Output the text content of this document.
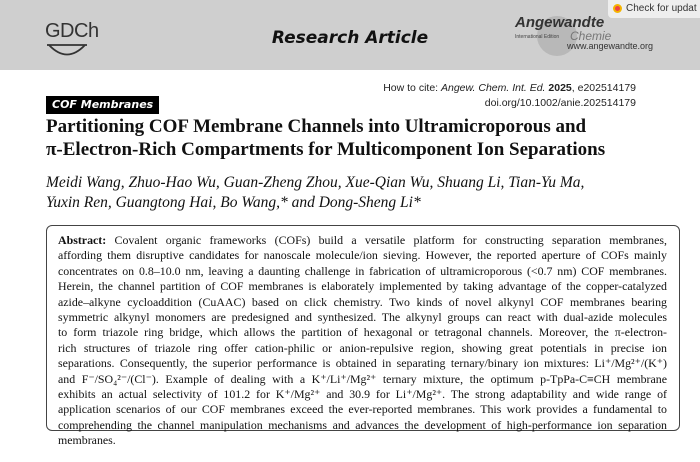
GDCh	Research Article
Angewandte
International Edition Chemie
www.angewandte.org
Check for updat
How to cite: Angew. Chem. Int. Ed. 2025, e202514179
doi.org/10.1002/anie.202514179
COF Membranes
Partitioning COF Membrane Channels into Ultramicroporous and
π-Electron-Rich Compartments for Multicomponent Ion Separations
Meidi Wang, Zhuo-Hao Wu, Guan-Zheng Zhou, Xue-Qian Wu, Shuang Li, Tian-Yu Ma,
Yuxin Ren, Guangtong Hai, Bo Wang,* and Dong-Sheng Li*
Abstract: Covalent organic frameworks (COFs) build a versatile platform for constructing separation membranes,
affording them disruptive candidates for nanoscale molecule/ion sieving. However, the reported aperture of COFs mainly
concentrates on 0.8–10.0 nm, leaving a daunting challenge in fabrication of ultramicroporous (<0.7 nm) COF membranes.
Herein, the channel partition of COF membranes is elaborately implemented by taking advantage of the copper-catalyzed
azide–alkyne cycloaddition (CuAAC) based on click chemistry. Two kinds of novel alkynyl COF membranes bearing
symmetric alkynyl monomers are predesigned and synthesized. The alkynyl groups can react with dual-azide molecules
to form triazole ring bridge, which allows the partition of hexagonal or tetragonal channels. Moreover, the π-electron-
rich structures of triazole ring offer cation-philic or anion-repulsive region, showing great potentials in precise ion
separations. Consequently, the superior performance is obtained in separating ternary/binary ion mixtures: Li⁺/Mg²⁺/(K⁺)
and F⁻/SO₄²⁻/(Cl⁻). Example of dealing with a K⁺/Li⁺/Mg²⁺ ternary mixture, the optimum p-TpPa-C≡CH membrane
exhibits an actual selectivity of 101.2 for K⁺/Mg²⁺ and 30.9 for Li⁺/Mg²⁺. The strong adaptability and wide range of
application scenarios of our COF membranes exceed the ever-reported membranes. This work provides a fundamental to
comprehending the channel manipulation mechanisms and advances the development of high-performance ion separation
membranes.
